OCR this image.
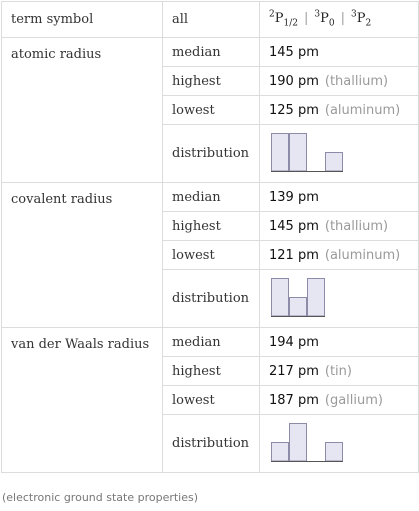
term symbol	all	$^2P_{1/2}$ | $^3P_0$ | $^3P_2$
atomic radius	median	145 pm
	highest	190 pm (thallium)
	lowest	125 pm (aluminum)
	distribution	

covalent radius	median	139 pm
	highest	145 pm (thallium)
	lowest	121 pm (aluminum)
	distribution	

van der Waals radius	median	194 pm
	highest	217 pm (tin)
	lowest	187 pm (gallium)
	distribution	
(electronic ground state properties)
